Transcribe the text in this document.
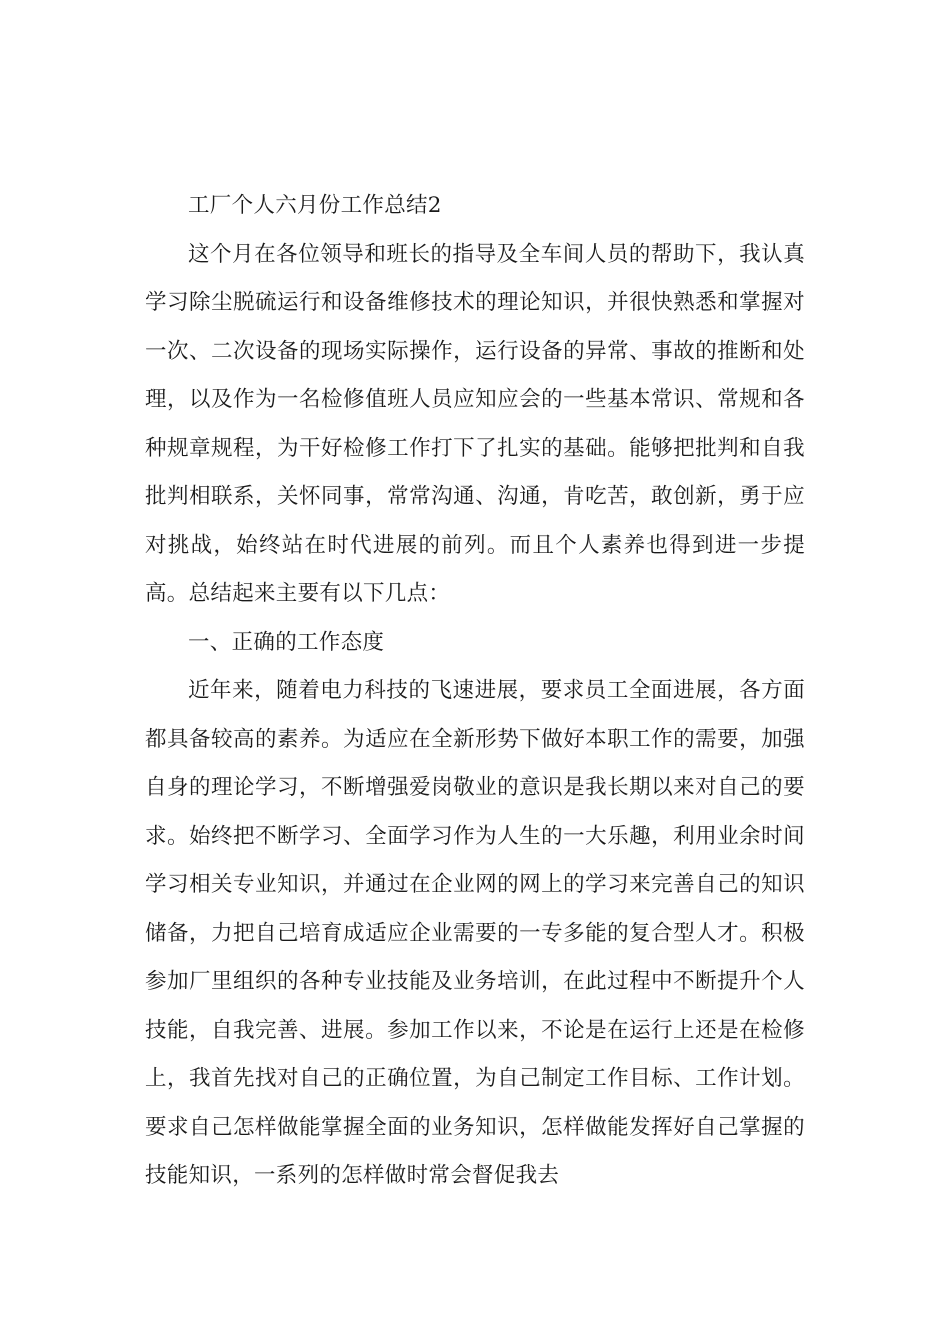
工厂个人六月份工作总结2

这个月在各位领导和班长的指导及全车间人员的帮助下，我认真学习除尘脱硫运行和设备维修技术的理论知识，并很快熟悉和掌握对一次、二次设备的现场实际操作，运行设备的异常、事故的推断和处理，以及作为一名检修值班人员应知应会的一些基本常识、常规和各种规章规程，为干好检修工作打下了扎实的基础。能够把批判和自我批判相联系，关怀同事，常常沟通、沟通，肯吃苦，敢创新，勇于应对挑战，始终站在时代进展的前列。而且个人素养也得到进一步提高。总结起来主要有以下几点：

一、正确的工作态度

近年来，随着电力科技的飞速进展，要求员工全面进展，各方面都具备较高的素养。为适应在全新形势下做好本职工作的需要，加强自身的理论学习，不断增强爱岗敬业的意识是我长期以来对自己的要求。始终把不断学习、全面学习作为人生的一大乐趣，利用业余时间学习相关专业知识，并通过在企业网的网上的学习来完善自己的知识储备，力把自己培育成适应企业需要的一专多能的复合型人才。积极参加厂里组织的各种专业技能及业务培训，在此过程中不断提升个人技能，自我完善、进展。参加工作以来，不论是在运行上还是在检修上，我首先找对自己的正确位置，为自己制定工作目标、工作计划。要求自己怎样做能掌握全面的业务知识，怎样做能发挥好自己掌握的技能知识，一系列的怎样做时常会督促我去
